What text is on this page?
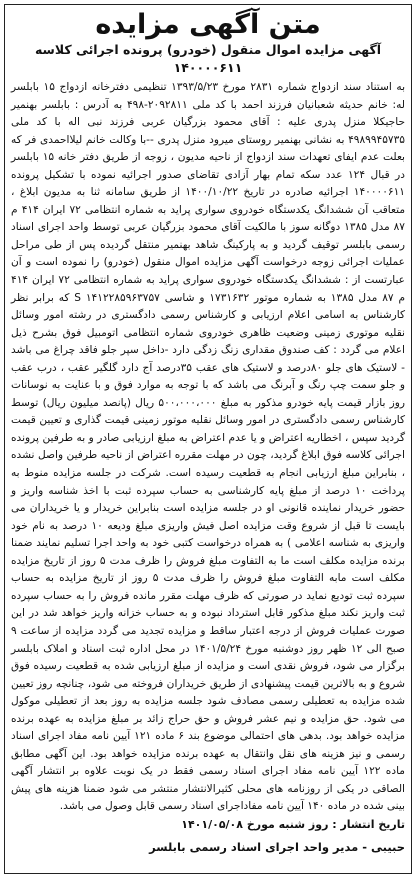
متن آگهی مزایده
آگهی مزایده اموال منقول (خودرو) پرونده اجرائی کلاسه ۱۴۰۰۰۰۶۱۱

به استناد سند ازدواج شماره ۲۸۳۱ مورخ ۱۳۹۳/۵/۲۳ تنظیمی دفترخانه ازدواج ۱۵ بابلسر له: خانم حدیثه شعبانیان فرزند احمد با کد ملی ۲۰۹۲۸۱۱-۴۹۸ به آدرس : بابلسر بهنمیر حاجیکلا منزل پدری علیه : آقای محمود بزرگیان عربی فرزند نبی اله با کد ملی ۴۹۸۹۹۴۵۷۳۵ به نشانی بهنمیر روستای میرود منزل پدری --با وکالت خانم لیلااحمدی فر که بعلت عدم ایفای تعهدات سند ازدواج از ناحیه مدیون ، زوجه از طریق دفتر خانه ۱۵ بابلسر در قبال ۱۲۴ عدد سکه تمام بهار آزادی تقاضای صدور اجرائیه نموده با تشکیل پرونده ۱۴۰۰۰۰۶۱۱ اجرائیه صادره در تاریخ ۱۴۰۰/۱۰/۲۲ از طریق سامانه ثنا به مدیون ابلاغ ، متعاقب آن ششدانگ یکدستگاه خودروی سواری پراید به شماره انتظامی ۷۲ ایران ۴۱۴ م ۸۷ مدل ۱۳۸۵ دوگانه سوز با مالکیت آقای محمود بزرگیان عربی توسط واحد اجرای اسناد رسمی بابلسر توقیف گردید و به پارکینگ شاهد بهنمیر منتقل گردیده پس از طی مراحل عملیات اجرائی زوجه درخواست آگهی مزایده اموال منقول (خودرو) را نموده است و آن عبارتست از : ششدانگ یکدستگاه خودروی سواری پراید به شماره انتظامی ۷۲ ایران ۴۱۴ م ۸۷ مدل ۱۳۸۵ به شماره موتور ۱۷۳۱۶۳۲ و شاسی S ۱۴۱۲۲۸۵۹۶۳۷۵۷ که برابر نظر کارشناس به اسامی اعلام ارزیابی و کارشناس رسمی دادگستری در رشته امور وسائل نقلیه موتوری زمینی وضعیت ظاهری خودروی شماره انتظامی اتومبیل فوق بشرح ذیل اعلام می گردد : کف صندوق مقداری زنگ زدگی دارد -داخل سپر جلو فاقد چراغ می باشد - لاستیک های جلو ۸۰درصد و لاستیک های عقب ۳۵درصد آج دارد گلگیر عقب ، درب عقب و جلو سمت چپ رنگ و آبرنگ می باشد که با توجه به موارد فوق و با عنایت به نوسانات روز بازار قیمت پایه خودرو مذکور به مبلغ ۵۰۰،۰۰۰،۰۰۰ ریال (پانصد میلیون ریال) توسط کارشناس رسمی دادگستری در امور وسائل نقلیه موتور زمینی قیمت گذاری و تعیین قیمت گردید سپس ، اخطاریه اعتراض و یا عدم اعتراض به مبلغ ارزیابی صادر و به طرفین پرونده اجرائی کلاسه فوق ابلاغ گردید، چون در مهلت مقرره اعتراض از ناحیه طرفین واصل نشده ، بنابراین مبلغ ارزیابی انجام به قطعیت رسیده است. شرکت در جلسه مزایده منوط به پرداخت ۱۰ درصد از مبلغ پایه کارشناسی به حساب سپرده ثبت با اخذ شناسه واریز و حضور خریدار نماینده قانونی او در جلسه مزایده است بنابراین خریدار و یا خریداران می بایست تا قبل از شروع وقت مزایده اصل فیش واریزی مبلغ ودیعه ۱۰ درصد به نام خود واریزی به شناسه اعلامی ) به همراه درخواست کتبی خود به واحد اجرا تسلیم نمایند ضمنا برنده مزایده مکلف است ما به التفاوت مبلغ فروش را ظرف مدت ۵ روز از تاریخ مزایده مکلف است مابه التفاوت مبلغ فروش را ظرف مدت ۵ روز از تاریخ مزایده به حساب سپرده ثبت تودیع نماید در صورتی که ظرف مهلت مقرر مانده فروش را به حساب سپرده ثبت واریز نکند مبلغ مذکور قابل استرداد نبوده و به حساب خزانه واریز خواهد شد در این صورت عملیات فروش از درجه اعتبار ساقط و مزایده تجدید می گردد مزایده از ساعت ۹ صبح الی ۱۲ ظهر روز دوشنبه مورخ ۱۴۰۱/۵/۲۴ در محل اداره ثبت اسناد و املاک بابلسر برگزار می شود، فروش نقدی است و مزایده از مبلغ ارزیابی شده به قطعیت رسیده فوق شروع و به بالاترین قیمت پیشنهادی از طریق خریداران فروخته می شود، چنانچه روز تعیین شده مزایده به تعطیلی رسمی مصادف شود جلسه مزایده به روز بعد از تعطیلی موکول می شود. حق مزایده و نیم عشر فروش و حق حراج زائد بر مبلغ مزایده به عهده برنده مزایده خواهد بود. بدهی های احتمالی موضوع بند ۶ ماده ۱۲۱ آیین نامه مفاد اجرای اسناد رسمی و نیز هزینه های نقل وانتقال به عهده برنده مزایده خواهد بود. این آگهی مطابق ماده ۱۲۲ آیین نامه مفاد اجرای اسناد رسمی فقط در یک نوبت علاوه بر انتشار آگهی الصاقی در یکی از روزنامه های محلی کثیرالانتشار منتشر می شود ضمنا هزینه های پیش بینی شده در ماده ۱۴۰ آیین نامه مفاداجرای اسناد رسمی قابل وصول می باشد.

تاریخ انتشار : روز شنبه مورخ ۱۴۰۱/۰۵/۰۸
حبیبی - مدیر واحد اجرای اسناد رسمی بابلسر
